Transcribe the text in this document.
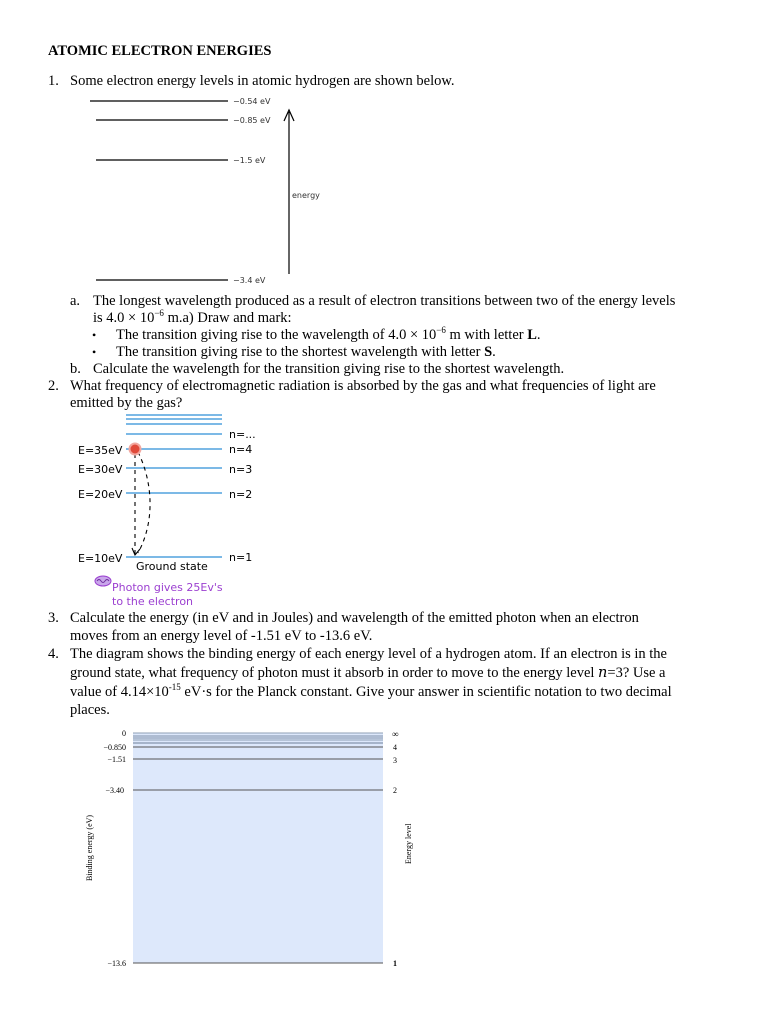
ATOMIC ELECTRON ENERGIES
1. Some electron energy levels in atomic hydrogen are shown below.
−0.54 eV
−0.85 eV
−1.5 eV
−3.4 eV
energy
a. The longest wavelength produced as a result of electron transitions between two of the energy levels
is $4.0 \times 10^{-6}$ m.a) Draw and mark:
• The transition giving rise to the wavelength of $4.0 \times 10^{-6}$ m with letter L.
• The transition giving rise to the shortest wavelength with letter S.
b. Calculate the wavelength for the transition giving rise to the shortest wavelength.
2. What frequency of electromagnetic radiation is absorbed by the gas and what frequencies of light are
emitted by the gas?
E=35eV
E=30eV
E=20eV
E=10eV
n=...
n=4
n=3
n=2
n=1
Ground state
Photon gives 25Ev's
to the electron
3. Calculate the energy (in eV and in Joules) and wavelength of the emitted photon when an electron
moves from an energy level of -1.51 eV to -13.6 eV.
4. The diagram shows the binding energy of each energy level of a hydrogen atom. If an electron is in the
ground state, what frequency of photon must it absorb in order to move to the energy level n=3? Use a
value of $4.14\times 10^{-15}$ eV·s for the Planck constant. Give your answer in scientific notation to two decimal
places.
0
−0.850
−1.51
−3.40
−13.6
∞
4
3
2
1
Binding energy (eV)	Energy level
